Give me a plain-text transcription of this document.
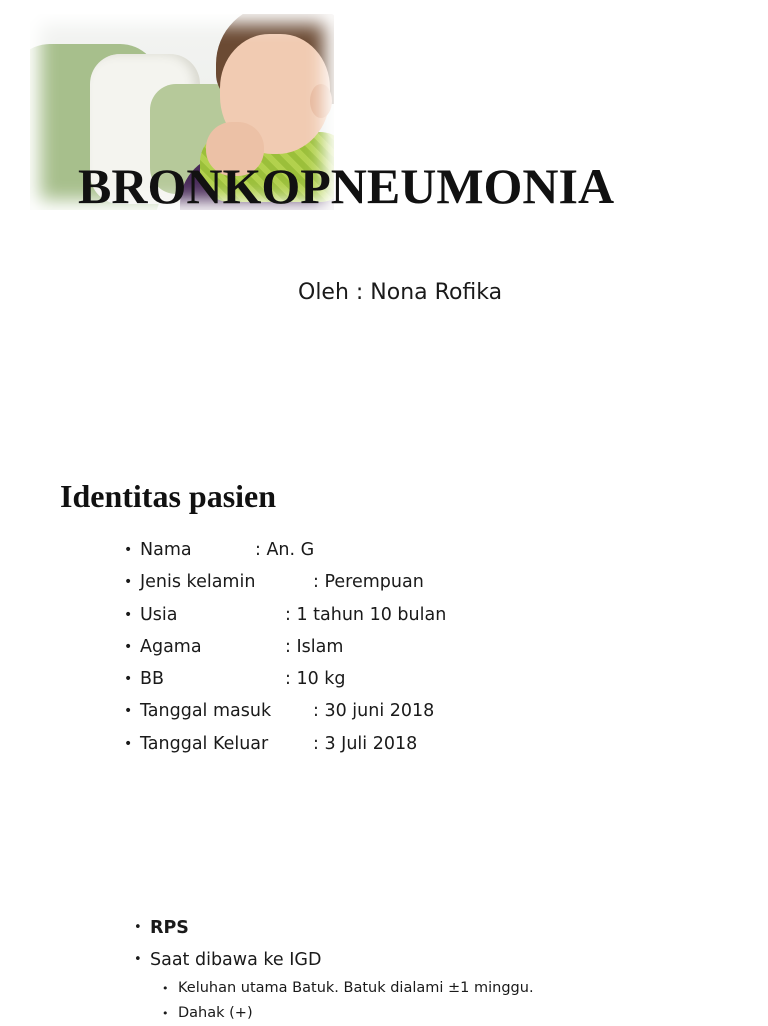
BRONKOPNEUMONIA

Oleh : Nona Rofika

Identitas pasien
• Nama	: An. G
• Jenis kelamin	: Perempuan
• Usia	: 1 tahun 10 bulan
• Agama	: Islam
• BB	: 10 kg
• Tanggal masuk : 30 juni 2018
• Tanggal Keluar	: 3 Juli 2018
• RPS
• Saat dibawa ke IGD
• Keluhan utama Batuk. Batuk dialami ±1 minggu.
• Dahak (+)
